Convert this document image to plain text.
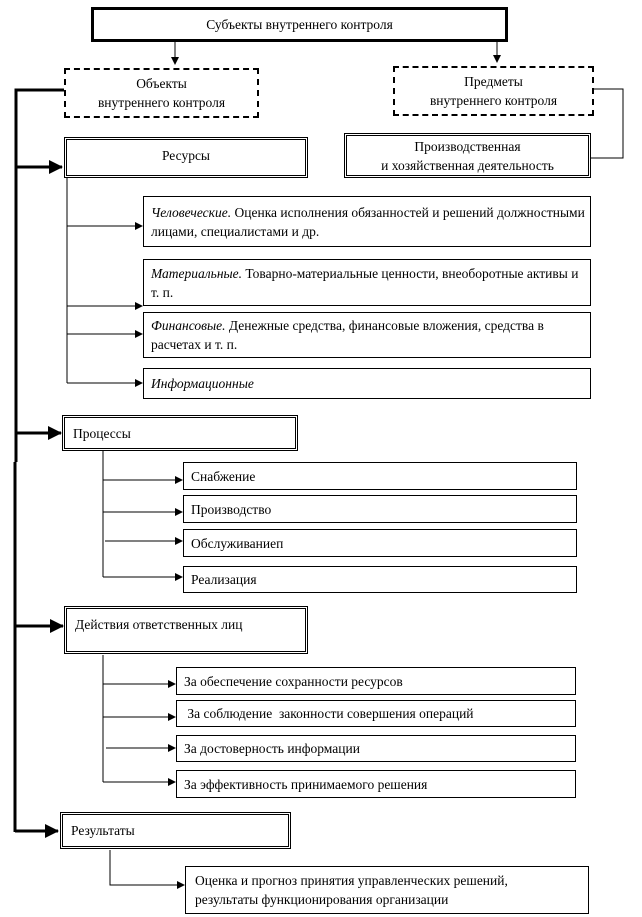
Субъекты внутреннего контроля
Объекты
внутреннего контроля
Предметы
внутреннего контроля
Производственная
и хозяйственная деятельность
Ресурсы
Человеческие. Оценка исполнения обязанностей и решений должностными лицами, специалистами и др.
Материальные. Товарно-материальные ценности, внеоборотные активы и т. п.
Финансовые. Денежные средства, финансовые вложения, средства в расчетах и т. п.
Информационные
Процессы
Снабжение
Производство
Обслуживаниеп
Реализация
Действия ответственных лиц
За обеспечение сохранности ресурсов
За соблюдение  законности совершения операций
За достоверность информации
За эффективность принимаемого решения
Результаты
Оценка и прогноз принятия управленческих решений,
результаты функционирования организации
